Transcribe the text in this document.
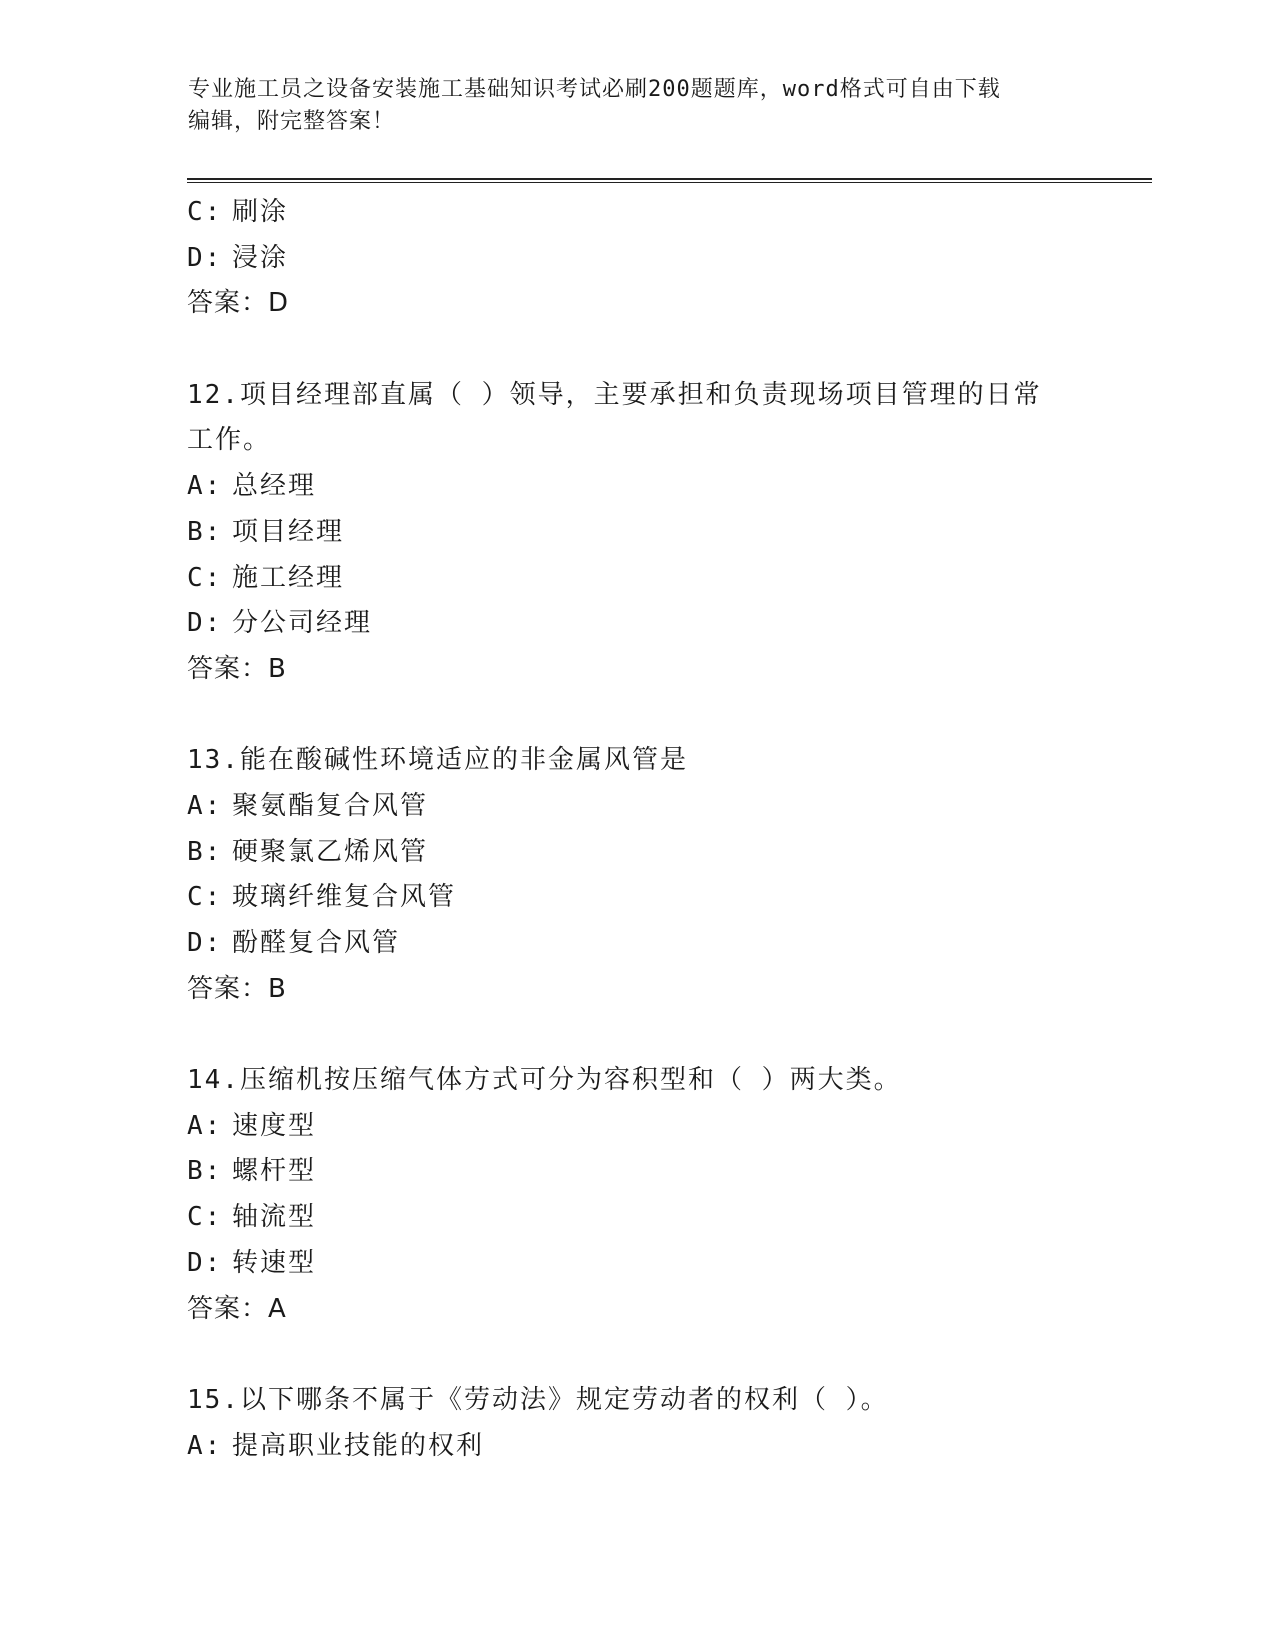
专业施工员之设备安装施工基础知识考试必刷200题题库，word格式可自由下载
编辑，附完整答案！
C: 刷涂
D: 浸涂
答案：D
12.项目经理部直属（ ）领导，主要承担和负责现场项目管理的日常
工作。
A: 总经理
B: 项目经理
C: 施工经理
D: 分公司经理
答案：B
13.能在酸碱性环境适应的非金属风管是
A: 聚氨酯复合风管
B: 硬聚氯乙烯风管
C: 玻璃纤维复合风管
D: 酚醛复合风管
答案：B
14.压缩机按压缩气体方式可分为容积型和（ ）两大类。
A: 速度型
B: 螺杆型
C: 轴流型
D: 转速型
答案：A
15.以下哪条不属于《劳动法》规定劳动者的权利（ ）。
A: 提高职业技能的权利
